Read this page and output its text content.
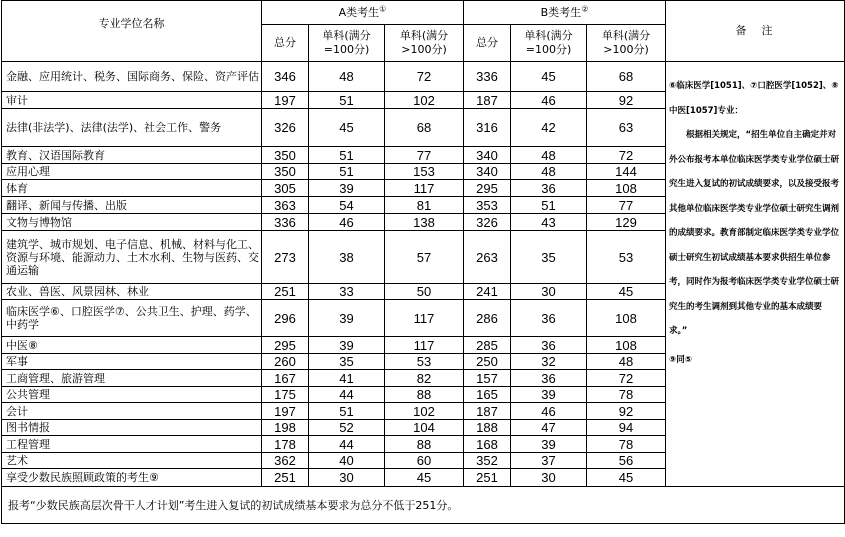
专业学位名称	A类考生①			B类考生②			备　注
	总分	单科(满分=100分)	单科(满分>100分)	总分	单科(满分=100分)	单科(满分>100分)	
金融、应用统计、税务、国际商务、保险、资产评估	346	48	72	336	45	68	⑥临床医学[1051]、⑦口腔医学[1052]、⑧中医[1057]专业：

　　根据相关规定，“招生单位自主确定并对外公布报考本单位临床医学类专业学位硕士研究生进入复试的初试成绩要求，以及接受报考其他单位临床医学类专业学位硕士研究生调剂的成绩要求。教育部制定临床医学类专业学位硕士研究生初试成绩基本要求供招生单位参考，同时作为报考临床医学类专业学位硕士研究生的考生调剂到其他专业的基本成绩要求。”

⑨同⑤

审计	197	51	102	187	46	92	
法律(非法学)、法律(法学)、社会工作、警务	326	45	68	316	42	63	
教育、汉语国际教育	350	51	77	340	48	72	
应用心理	350	51	153	340	48	144	
体育	305	39	117	295	36	108	
翻译、新闻与传播、出版	363	54	81	353	51	77	
文物与博物馆	336	46	138	326	43	129	
建筑学、城市规划、电子信息、机械、材料与化工、资源与环境、能源动力、土木水利、生物与医药、交通运输	273	38	57	263	35	53	
农业、兽医、风景园林、林业	251	33	50	241	30	45	
临床医学⑥、口腔医学⑦、公共卫生、护理、药学、中药学	296	39	117	286	36	108	
中医⑧	295	39	117	285	36	108	
军事	260	35	53	250	32	48	
工商管理、旅游管理	167	41	82	157	36	72	
公共管理	175	44	88	165	39	78	
会计	197	51	102	187	46	92	
图书情报	198	52	104	188	47	94	
工程管理	178	44	88	168	39	78	
艺术	362	40	60	352	37	56	
享受少数民族照顾政策的考生⑨	251	30	45	251	30	45	
报考“少数民族高层次骨干人才计划”考生进入复试的初试成绩基本要求为总分不低于251分。							
